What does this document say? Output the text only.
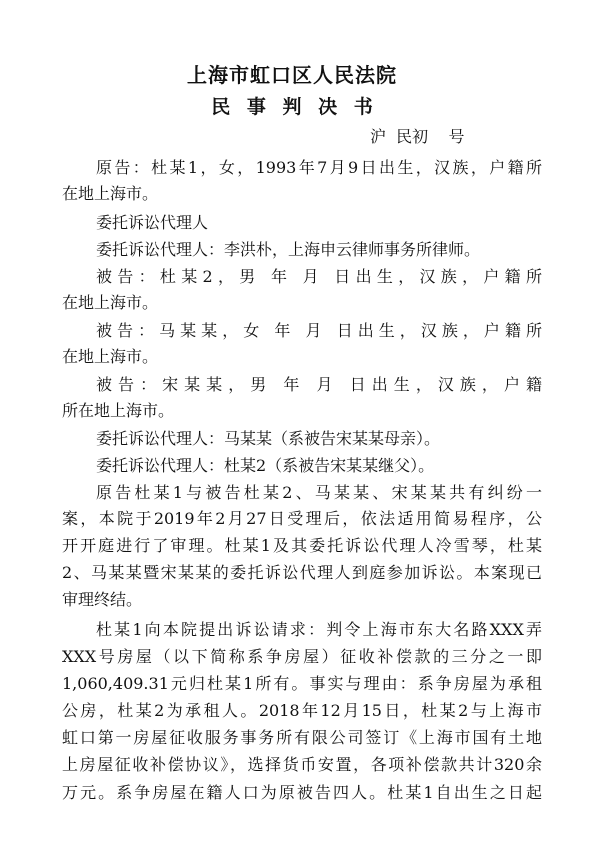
上海市虹口区人民法院
民 事 判 决 书
沪  民初    号
原告：杜某1，女，1993年7月9日出生，汉族，户籍所
在地上海市。
委托诉讼代理人
委托诉讼代理人：李洪朴，上海申云律师事务所律师。
被告：杜某2，男 年 月 日出生，汉族，户籍所
在地上海市。
被告：马某某，女 年 月 日出生，汉族，户籍所
在地上海市。
被告：宋某某，男 年 月 日出生，汉族，户籍
所在地上海市。
委托诉讼代理人：马某某（系被告宋某某母亲）。
委托诉讼代理人：杜某2（系被告宋某某继父）。
原告杜某1与被告杜某2、马某某、宋某某共有纠纷一
案，本院于2019年2月27日受理后，依法适用简易程序，公
开开庭进行了审理。杜某1及其委托诉讼代理人冷雪琴，杜某
2、马某某暨宋某某的委托诉讼代理人到庭参加诉讼。本案现已
审理终结。
杜某1向本院提出诉讼请求：判令上海市东大名路XXX弄
XXX号房屋（以下简称系争房屋）征收补偿款的三分之一即
1,060,409.31元归杜某1所有。事实与理由：系争房屋为承租
公房，杜某2为承租人。2018年12月15日，杜某2与上海市
虹口第一房屋征收服务事务所有限公司签订《上海市国有土地
上房屋征收补偿协议》，选择货币安置，各项补偿款共计320余
万元。系争房屋在籍人口为原被告四人。杜某1自出生之日起
